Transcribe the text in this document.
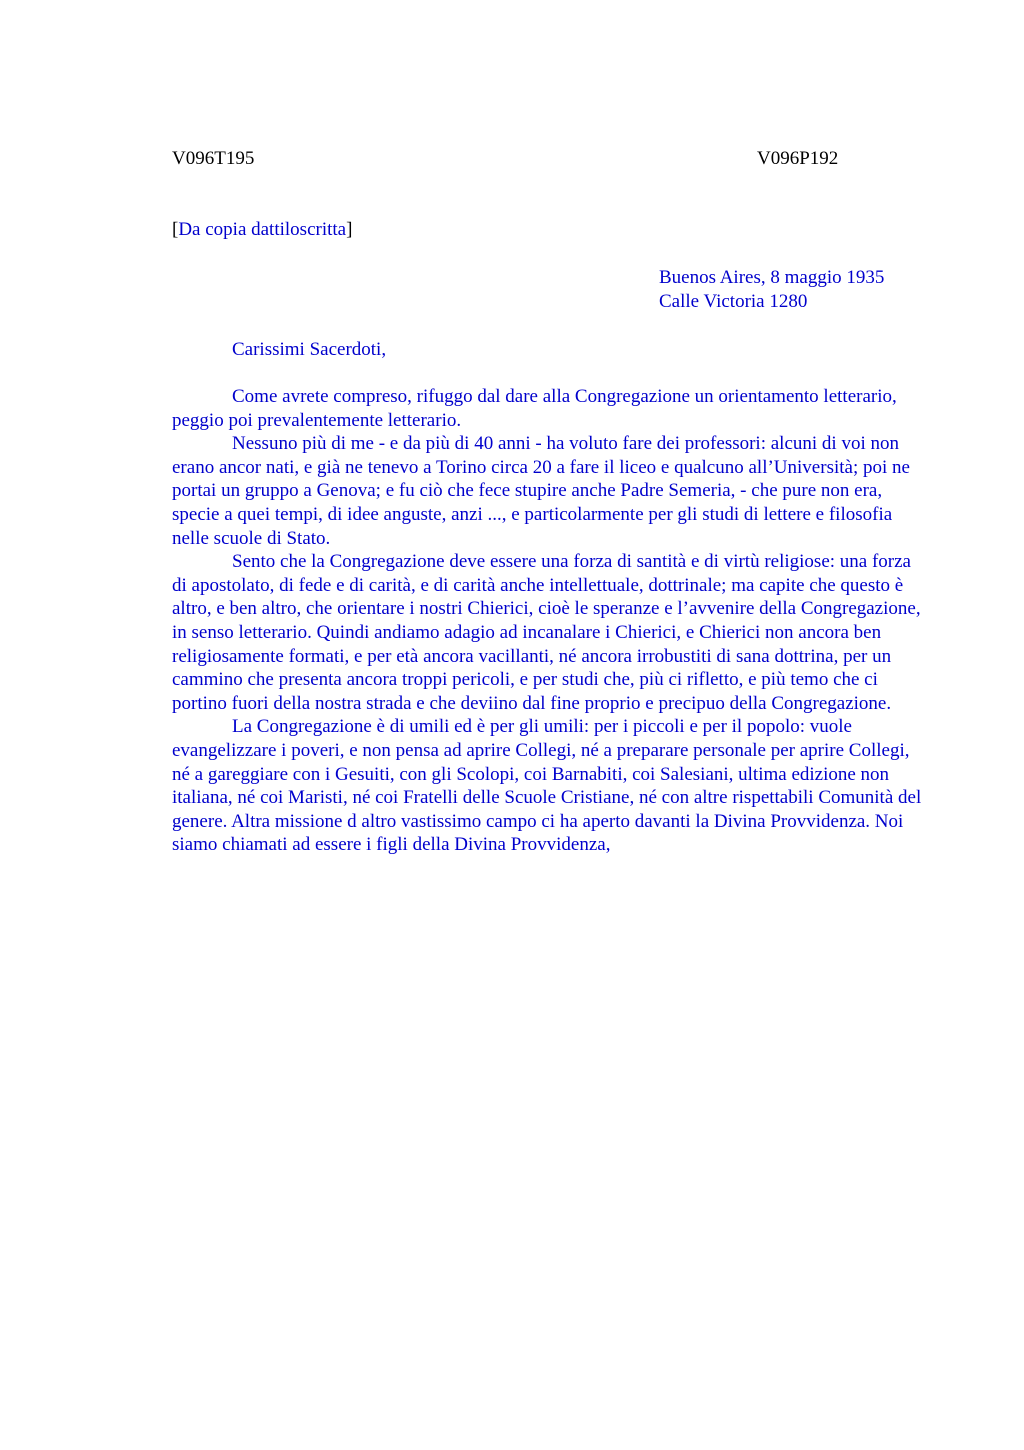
V096T195	V096P192
[Da copia dattiloscritta]
Buenos Aires, 8 maggio 1935
Calle Victoria 1280
Carissimi Sacerdoti,

Come avrete compreso, rifuggo dal dare alla Congregazione un orientamento letterario, peggio poi prevalentemente letterario.

Nessuno più di me - e da più di 40 anni - ha voluto fare dei professori: alcuni di voi non erano ancor nati, e già ne tenevo a Torino circa 20 a fare il liceo e qualcuno all’Università; poi ne portai un gruppo a Genova; e fu ciò che fece stupire anche Padre Semeria, - che pure non era, specie a quei tempi, di idee anguste, anzi ..., e particolarmente per gli studi di lettere e filosofia nelle scuole di Stato.

Sento che la Congregazione deve essere una forza di santità e di virtù religiose: una forza di apostolato, di fede e di carità, e di carità anche intellettuale, dottrinale; ma capite che questo è altro, e ben altro, che orientare i nostri Chierici, cioè le speranze e l’avvenire della Congregazione, in senso letterario. Quindi andiamo adagio ad incanalare i Chierici, e Chierici non ancora ben religiosamente formati, e per età ancora vacillanti, né ancora irrobustiti di sana dottrina, per un cammino che presenta ancora troppi pericoli, e per studi che, più ci rifletto, e più temo che ci portino fuori della nostra strada e che deviino dal fine proprio e precipuo della Congregazione.

La Congregazione è di umili ed è per gli umili: per i piccoli e per il popolo: vuole evangelizzare i poveri, e non pensa ad aprire Collegi, né a preparare personale per aprire Collegi, né a gareggiare con i Gesuiti, con gli Scolopi, coi Barnabiti, coi Salesiani, ultima edizione non italiana, né coi Maristi, né coi Fratelli delle Scuole Cristiane, né con altre rispettabili Comunità del genere. Altra missione d altro vastissimo campo ci ha aperto davanti la Divina Provvidenza. Noi siamo chiamati ad essere i figli della Divina Provvidenza,
